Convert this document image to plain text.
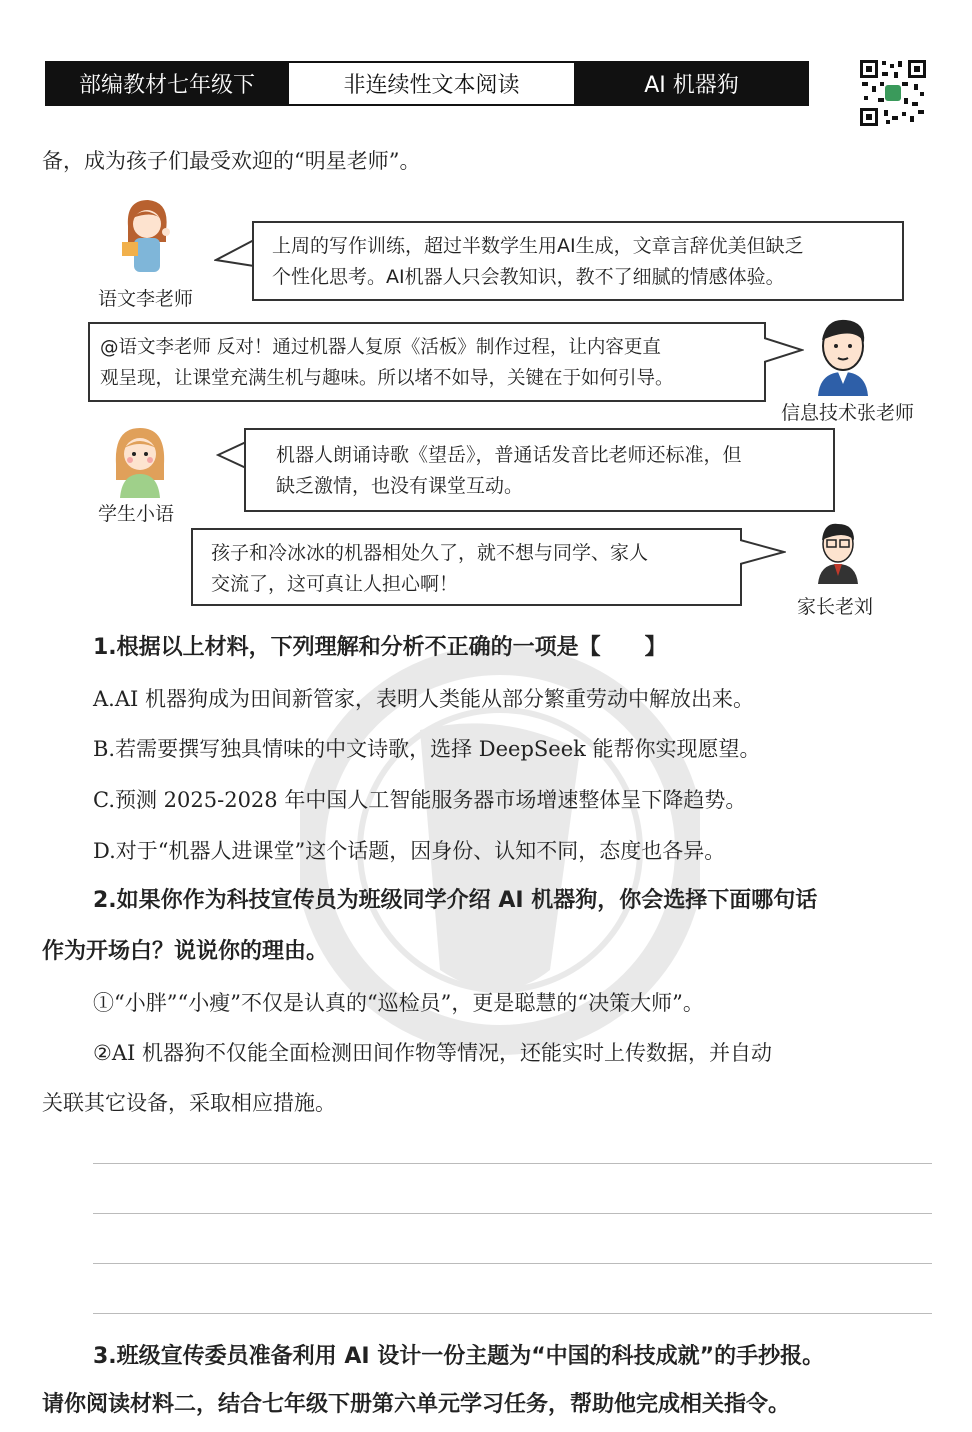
部编教材七年级下	非连续性文本阅读	AI 机器狗
备，成为孩子们最受欢迎的“明星老师”。
语文李老师
上周的写作训练，超过半数学生用AI生成，文章言辞优美但缺乏
个性化思考。AI机器人只会教知识，教不了细腻的情感体验。
@语文李老师 反对！通过机器人复原《活板》制作过程，让内容更直
观呈现，让课堂充满生机与趣味。所以堵不如导，关键在于如何引导。
信息技术张老师
学生小语
机器人朗诵诗歌《望岳》，普通话发音比老师还标准，但
缺乏激情，也没有课堂互动。
孩子和冷冰冰的机器相处久了，就不想与同学、家人
交流了，这可真让人担心啊！
家长老刘
1.根据以上材料，下列理解和分析不正确的一项是【　　】
A.AI 机器狗成为田间新管家，表明人类能从部分繁重劳动中解放出来。
B.若需要撰写独具情味的中文诗歌，选择 DeepSeek 能帮你实现愿望。
C.预测 2025-2028 年中国人工智能服务器市场增速整体呈下降趋势。
D.对于“机器人进课堂”这个话题，因身份、认知不同，态度也各异。
2.如果你作为科技宣传员为班级同学介绍 AI 机器狗，你会选择下面哪句话
作为开场白？说说你的理由。
①“小胖”“小瘦”不仅是认真的“巡检员”，更是聪慧的“决策大师”。
②AI 机器狗不仅能全面检测田间作物等情况，还能实时上传数据，并自动
关联其它设备，采取相应措施。
3.班级宣传委员准备利用 AI 设计一份主题为“中国的科技成就”的手抄报。
请你阅读材料二，结合七年级下册第六单元学习任务，帮助他完成相关指令。
